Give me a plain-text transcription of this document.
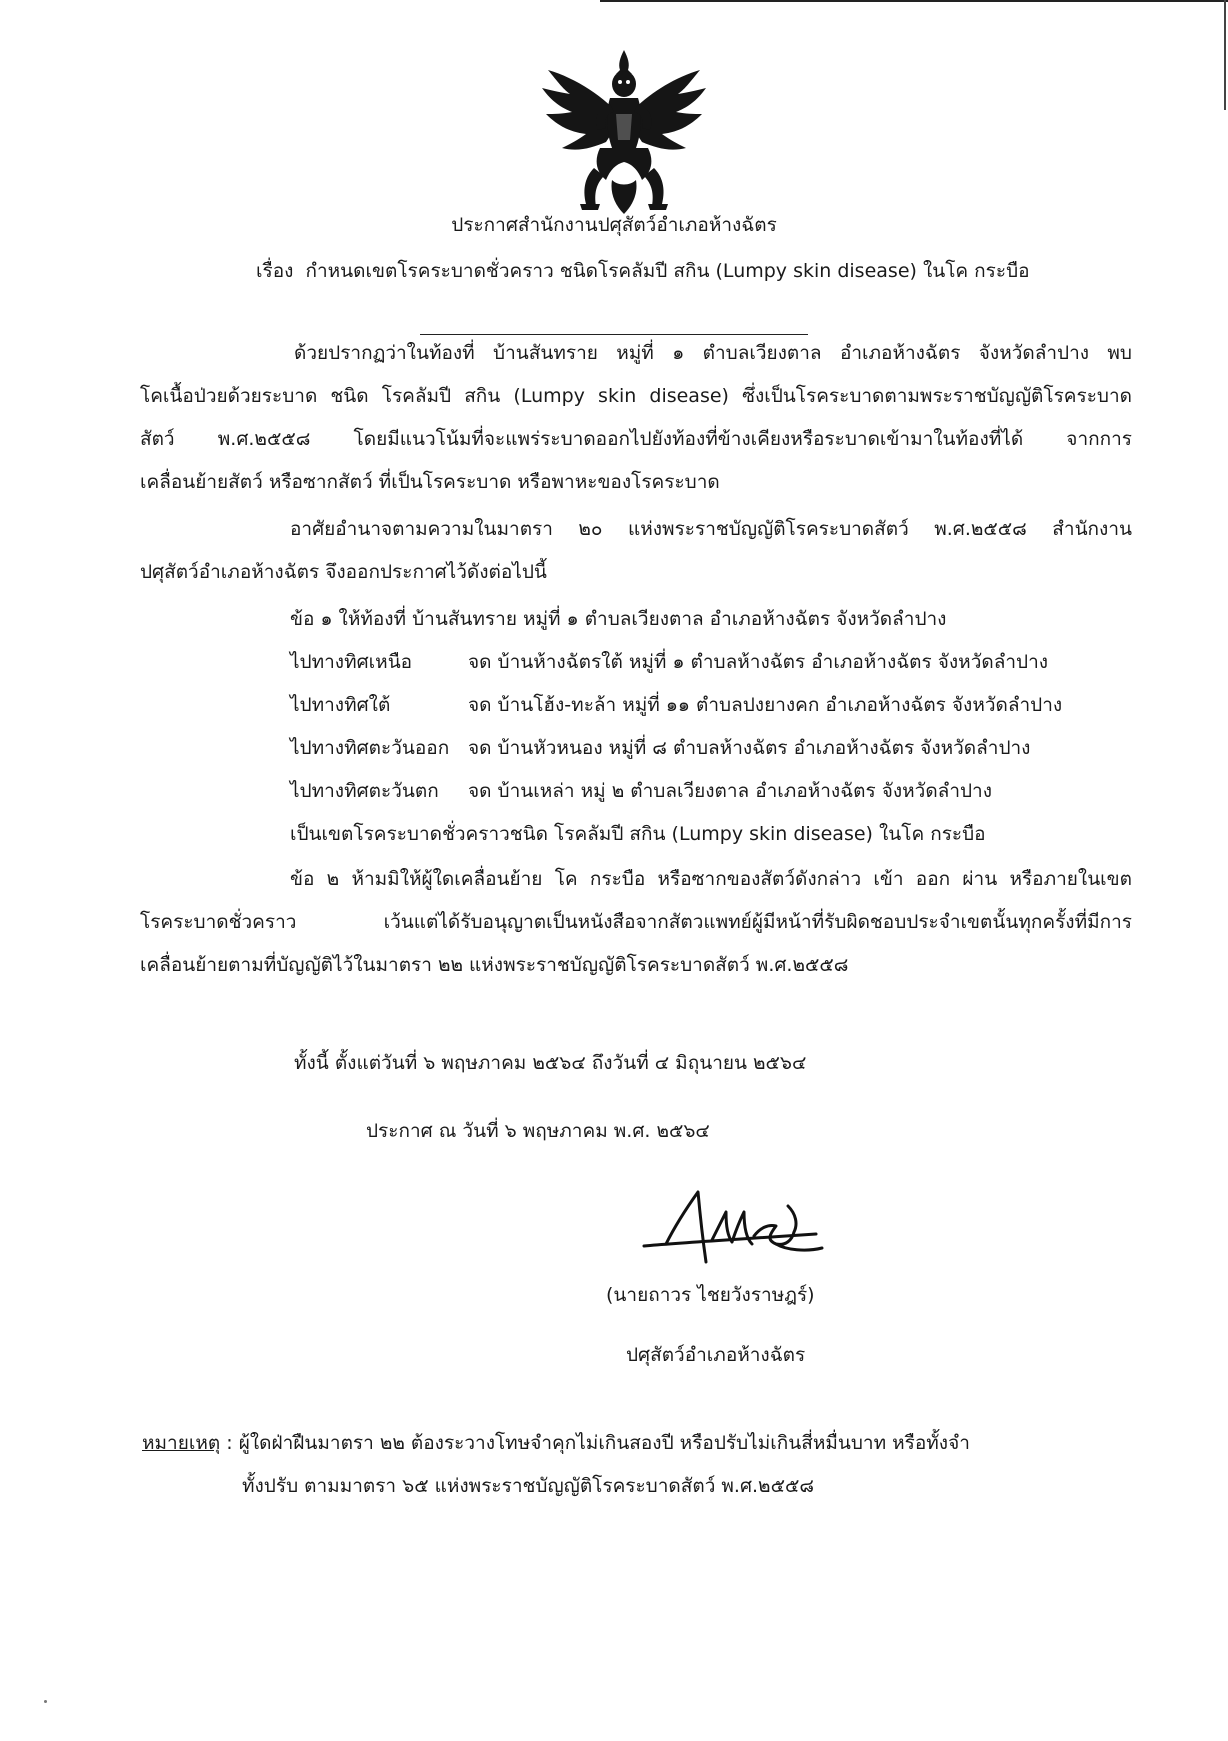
ประกาศสำนักงานปศุสัตว์อำเภอห้างฉัตร
เรื่อง กำหนดเขตโรคระบาดชั่วคราว ชนิดโรคลัมปี สกิน (Lumpy skin disease) ในโค กระบือ
ด้วยปรากฏว่าในท้องที่ บ้านสันทราย หมู่ที่ ๑ ตำบลเวียงตาล อำเภอห้างฉัตร จังหวัดลำปาง พบ
โคเนื้อป่วยด้วยระบาด ชนิด โรคลัมปี สกิน (Lumpy skin disease) ซึ่งเป็นโรคระบาดตามพระราชบัญญัติโรคระบาด
สัตว์ พ.ศ.๒๕๕๘ โดยมีแนวโน้มที่จะแพร่ระบาดออกไปยังท้องที่ข้างเคียงหรือระบาดเข้ามาในท้องที่ได้ จากการ
เคลื่อนย้ายสัตว์ หรือซากสัตว์ ที่เป็นโรคระบาด หรือพาหะของโรคระบาด
อาศัยอำนาจตามความในมาตรา ๒๐ แห่งพระราชบัญญัติโรคระบาดสัตว์ พ.ศ.๒๕๕๘ สำนักงาน
ปศุสัตว์อำเภอห้างฉัตร จึงออกประกาศไว้ดังต่อไปนี้
ข้อ ๑ ให้ท้องที่ บ้านสันทราย หมู่ที่ ๑ ตำบลเวียงตาล อำเภอห้างฉัตร จังหวัดลำปาง
ไปทางทิศเหนือ	จด บ้านห้างฉัตรใต้ หมู่ที่ ๑ ตำบลห้างฉัตร อำเภอห้างฉัตร จังหวัดลำปาง
ไปทางทิศใต้	จด บ้านโฮ้ง-ทะล้า หมู่ที่ ๑๑ ตำบลปงยางคก อำเภอห้างฉัตร จังหวัดลำปาง
ไปทางทิศตะวันออก จด บ้านหัวหนอง หมู่ที่ ๘ ตำบลห้างฉัตร อำเภอห้างฉัตร จังหวัดลำปาง
ไปทางทิศตะวันตก จด บ้านเหล่า หมู่ ๒ ตำบลเวียงตาล อำเภอห้างฉัตร จังหวัดลำปาง
เป็นเขตโรคระบาดชั่วคราวชนิด โรคลัมปี สกิน (Lumpy skin disease) ในโค กระบือ
ข้อ ๒ ห้ามมิให้ผู้ใดเคลื่อนย้าย โค กระบือ หรือซากของสัตว์ดังกล่าว เข้า ออก ผ่าน หรือภายในเขต
โรคระบาดชั่วคราว เว้นแต่ได้รับอนุญาตเป็นหนังสือจากสัตวแพทย์ผู้มีหน้าที่รับผิดชอบประจำเขตนั้นทุกครั้งที่มีการ
เคลื่อนย้ายตามที่บัญญัติไว้ในมาตรา ๒๒ แห่งพระราชบัญญัติโรคระบาดสัตว์ พ.ศ.๒๕๕๘
ทั้งนี้ ตั้งแต่วันที่ ๖ พฤษภาคม ๒๕๖๔ ถึงวันที่ ๔ มิถุนายน ๒๕๖๔
ประกาศ ณ วันที่ ๖ พฤษภาคม พ.ศ. ๒๕๖๔
(นายถาวร ไชยวังราษฎร์)
ปศุสัตว์อำเภอห้างฉัตร
หมายเหตุ : ผู้ใดฝ่าฝืนมาตรา ๒๒ ต้องระวางโทษจำคุกไม่เกินสองปี หรือปรับไม่เกินสี่หมื่นบาท หรือทั้งจำ
ทั้งปรับ ตามมาตรา ๖๕ แห่งพระราชบัญญัติโรคระบาดสัตว์ พ.ศ.๒๕๕๘
